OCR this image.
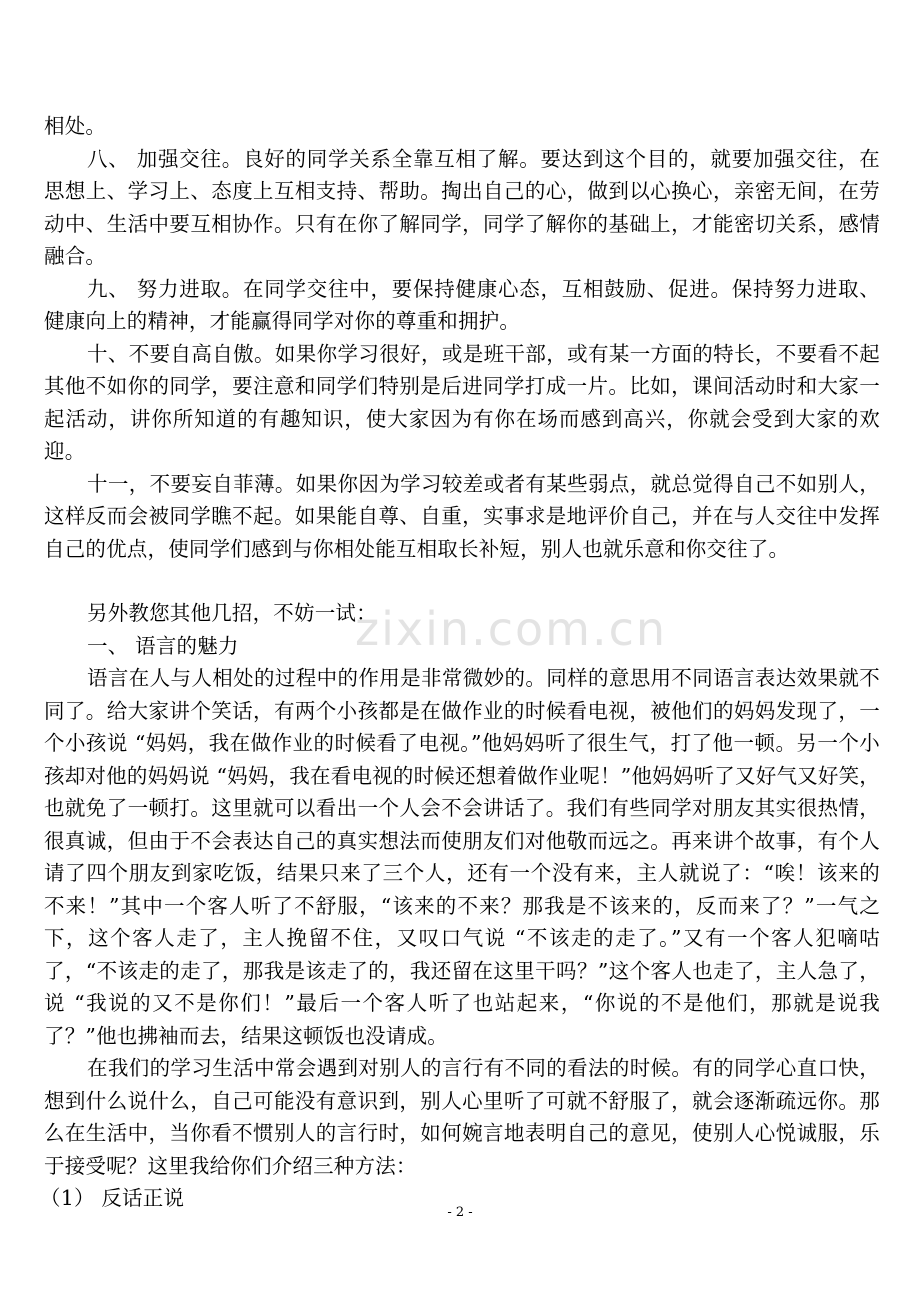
zixin.com.cn

相处。

八、 加强交往。良好的同学关系全靠互相了解。要达到这个目的，就要加强交往，在思想上、学习上、态度上互相支持、帮助。掏出自己的心，做到以心换心，亲密无间，在劳动中、生活中要互相协作。只有在你了解同学，同学了解你的基础上，才能密切关系，感情融合。

九、 努力进取。在同学交往中，要保持健康心态，互相鼓励、促进。保持努力进取、健康向上的精神，才能赢得同学对你的尊重和拥护。

十、不要自高自傲。如果你学习很好，或是班干部，或有某一方面的特长，不要看不起其他不如你的同学，要注意和同学们特别是后进同学打成一片。比如，课间活动时和大家一起活动，讲你所知道的有趣知识，使大家因为有你在场而感到高兴，你就会受到大家的欢迎。

十一，不要妄自菲薄。如果你因为学习较差或者有某些弱点，就总觉得自己不如别人，这样反而会被同学瞧不起。如果能自尊、自重，实事求是地评价自己，并在与人交往中发挥自己的优点，使同学们感到与你相处能互相取长补短，别人也就乐意和你交往了。

另外教您其他几招，不妨一试：

一、 语言的魅力

语言在人与人相处的过程中的作用是非常微妙的。同样的意思用不同语言表达效果就不同了。给大家讲个笑话，有两个小孩都是在做作业的时候看电视，被他们的妈妈发现了，一个小孩说 “妈妈，我在做作业的时候看了电视。”他妈妈听了很生气，打了他一顿。另一个小孩却对他的妈妈说 “妈妈，我在看电视的时候还想着做作业呢！”他妈妈听了又好气又好笑，也就免了一顿打。这里就可以看出一个人会不会讲话了。我们有些同学对朋友其实很热情，很真诚，但由于不会表达自己的真实想法而使朋友们对他敬而远之。再来讲个故事，有个人请了四个朋友到家吃饭，结果只来了三个人，还有一个没有来，主人就说了：“唉！该来的不来！”其中一个客人听了不舒服，“该来的不来？那我是不该来的，反而来了？”一气之下，这个客人走了，主人挽留不住，又叹口气说 “不该走的走了。”又有一个客人犯嘀咕了，“不该走的走了，那我是该走了的，我还留在这里干吗？”这个客人也走了，主人急了，说 “我说的又不是你们！”最后一个客人听了也站起来，“你说的不是他们，那就是说我了？”他也拂袖而去，结果这顿饭也没请成。

在我们的学习生活中常会遇到对别人的言行有不同的看法的时候。有的同学心直口快，想到什么说什么，自己可能没有意识到，别人心里听了可就不舒服了，就会逐渐疏远你。那么在生活中，当你看不惯别人的言行时，如何婉言地表明自己的意见，使别人心悦诚服，乐于接受呢？这里我给你们介绍三种方法：

（1） 反话正说

- 2 -
